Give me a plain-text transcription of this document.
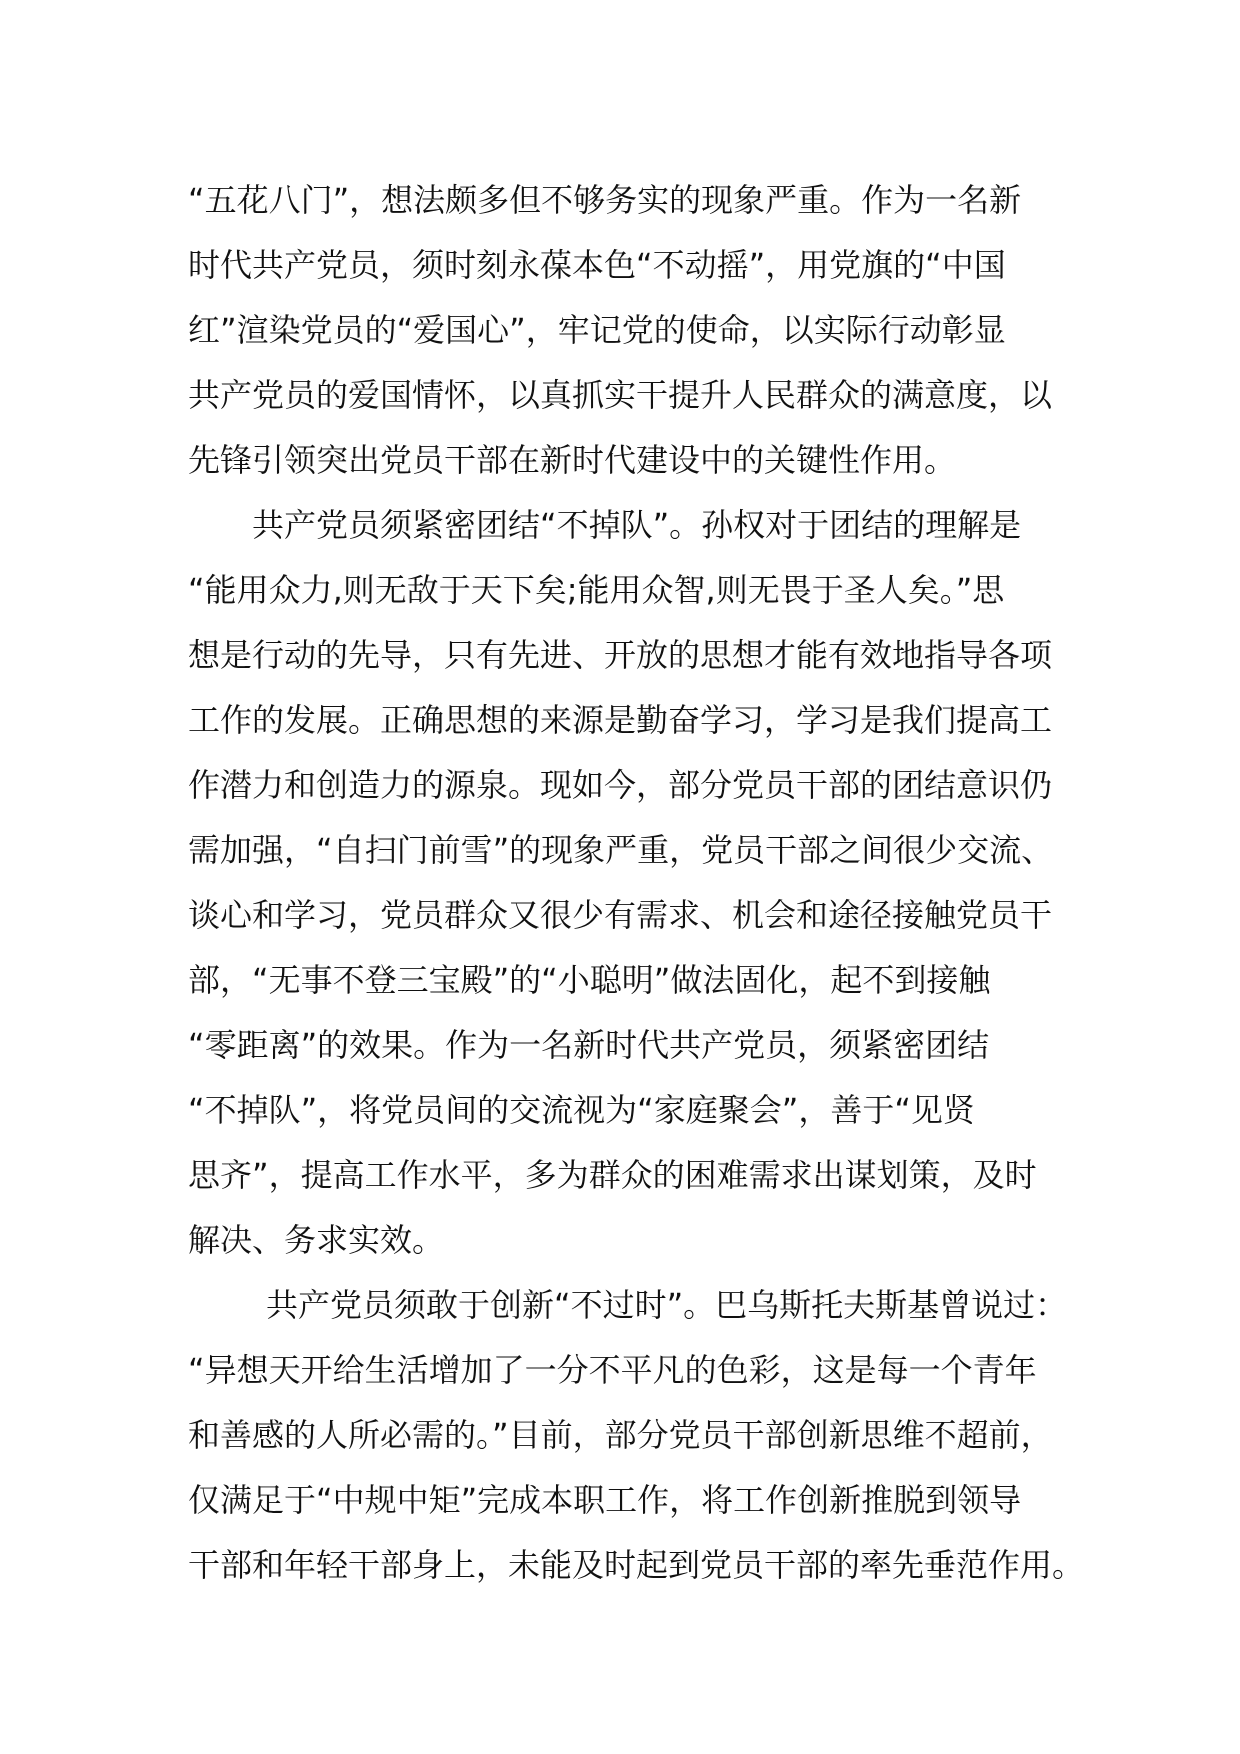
“五花八门”，想法颇多但不够务实的现象严重。作为一名新
时代共产党员，须时刻永葆本色“不动摇”，用党旗的“中国
红”渲染党员的“爱国心”，牢记党的使命，以实际行动彰显
共产党员的爱国情怀，以真抓实干提升人民群众的满意度，以
先锋引领突出党员干部在新时代建设中的关键性作用。
共产党员须紧密团结“不掉队”。孙权对于团结的理解是
“能用众力,则无敌于天下矣;能用众智,则无畏于圣人矣。”思
想是行动的先导，只有先进、开放的思想才能有效地指导各项
工作的发展。正确思想的来源是勤奋学习，学习是我们提高工
作潜力和创造力的源泉。现如今，部分党员干部的团结意识仍
需加强，“自扫门前雪”的现象严重，党员干部之间很少交流、
谈心和学习，党员群众又很少有需求、机会和途径接触党员干
部，“无事不登三宝殿”的“小聪明”做法固化，起不到接触
“零距离”的效果。作为一名新时代共产党员，须紧密团结
“不掉队”，将党员间的交流视为“家庭聚会”，善于“见贤
思齐”，提高工作水平，多为群众的困难需求出谋划策，及时
解决、务求实效。
共产党员须敢于创新“不过时”。巴乌斯托夫斯基曾说过：
“异想天开给生活增加了一分不平凡的色彩，这是每一个青年
和善感的人所必需的。”目前，部分党员干部创新思维不超前，
仅满足于“中规中矩”完成本职工作，将工作创新推脱到领导
干部和年轻干部身上，未能及时起到党员干部的率先垂范作用。
